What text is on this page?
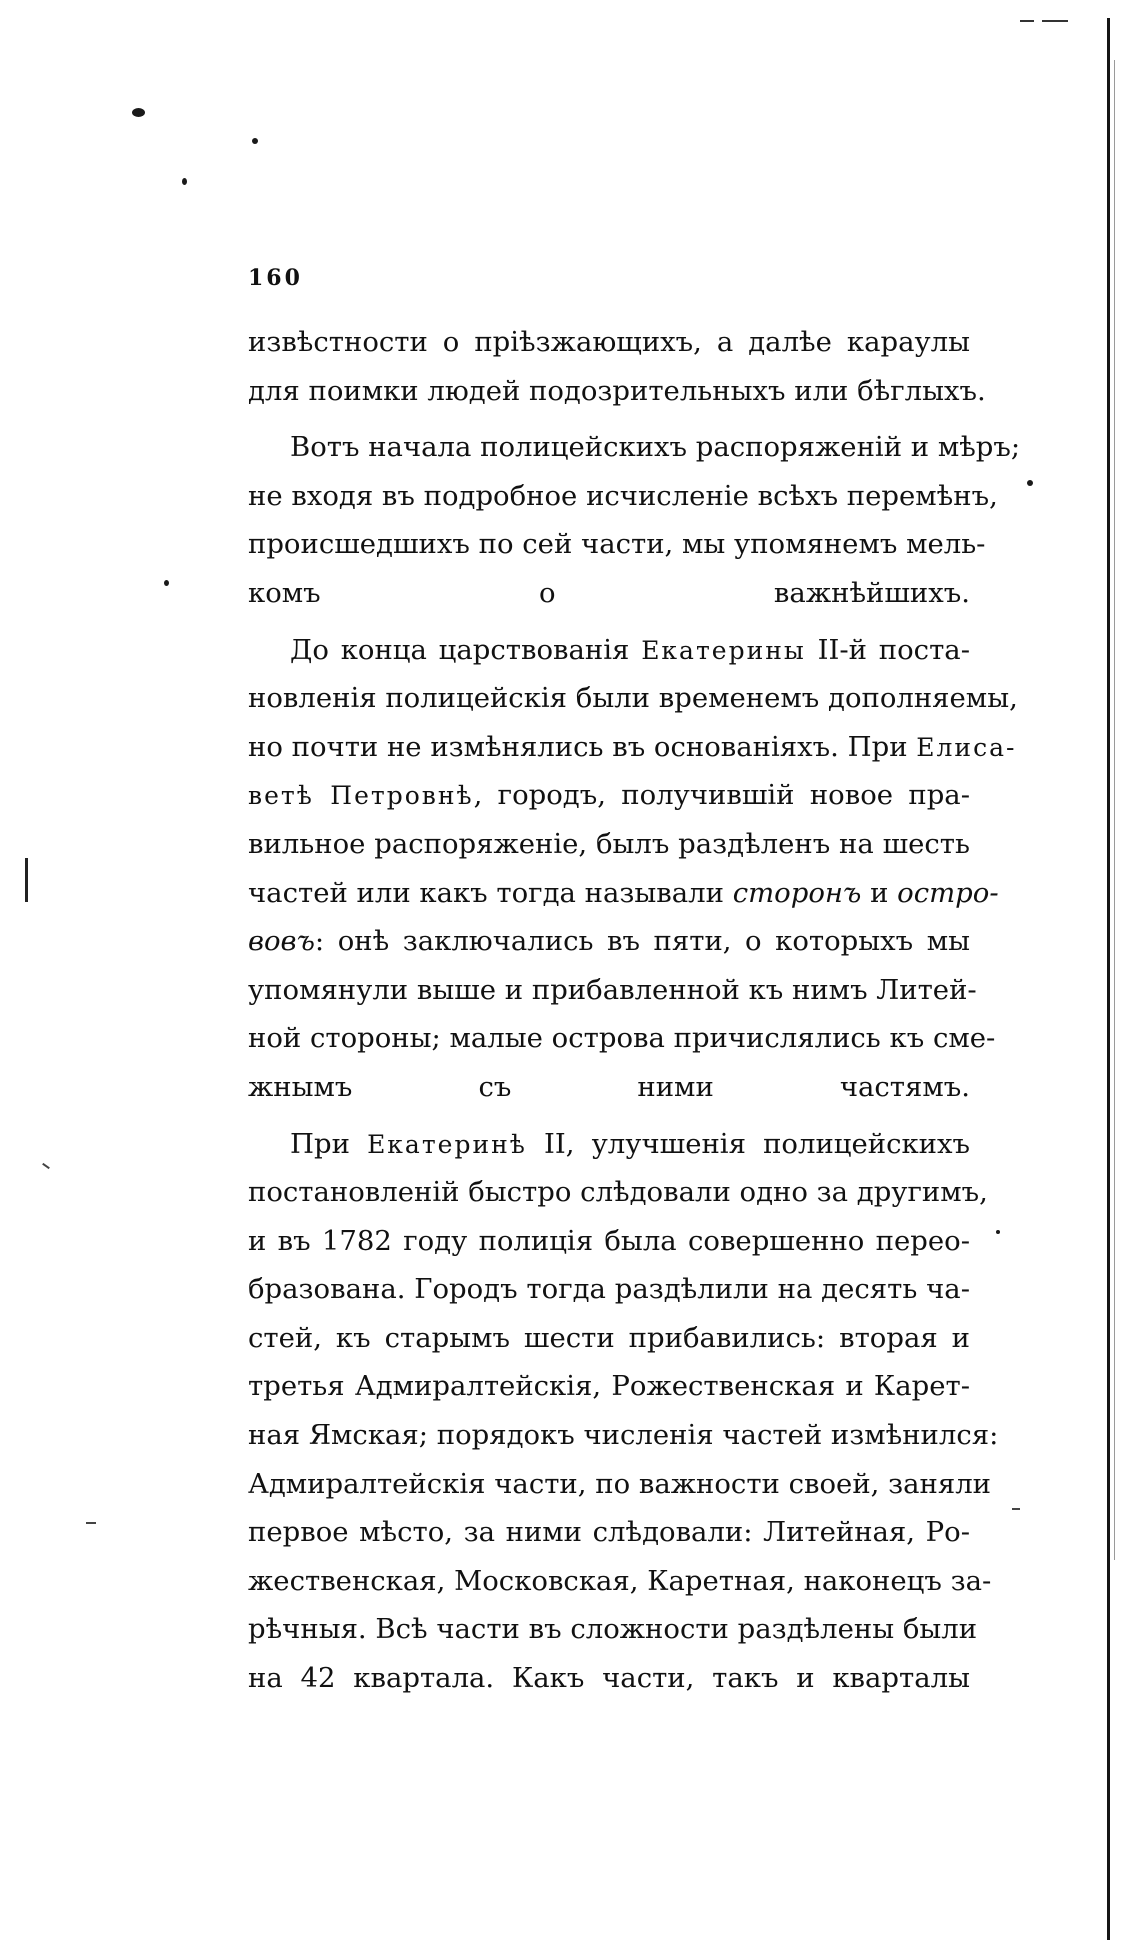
160
извѣстности о пріѣзжающихъ, а далѣе караулы
для поимки людей подозрительныхъ или бѣглыхъ.
Вотъ начала полицейскихъ распоряженій и мѣръ;
не входя въ подробное исчисленіе всѣхъ перемѣнъ,
происшедшихъ по сей части, мы упомянемъ мель-
комъ о важнѣйшихъ.
До конца царствованія Екатерины II-й поста-
новленія полицейскія были временемъ дополняемы,
но почти не измѣнялись въ основаніяхъ. При Елиса-
ветѣ Петровнѣ, городъ, получившій новое пра-
вильное распоряженіе, былъ раздѣленъ на шесть
частей или какъ тогда называли сторонъ и остро-
вовъ: онѣ заключались въ пяти, о которыхъ мы
упомянули выше и прибавленной къ нимъ Литей-
ной стороны; малые острова причислялись къ сме-
жнымъ съ ними частямъ.
При Екатеринѣ II, улучшенія полицейскихъ
постановленій быстро слѣдовали одно за другимъ,
и въ 1782 году полиція была совершенно перео-
бразована. Городъ тогда раздѣлили на десять ча-
стей, къ старымъ шести прибавились: вторая и
третья Адмиралтейскія, Рожественская и Карет-
ная Ямская; порядокъ численія частей измѣнился:
Адмиралтейскія части, по важности своей, заняли
первое мѣсто, за ними слѣдовали: Литейная, Ро-
жественская, Московская, Каретная, наконецъ за-
рѣчныя. Всѣ части въ сложности раздѣлены были
на 42 квартала. Какъ части, такъ и кварталы
